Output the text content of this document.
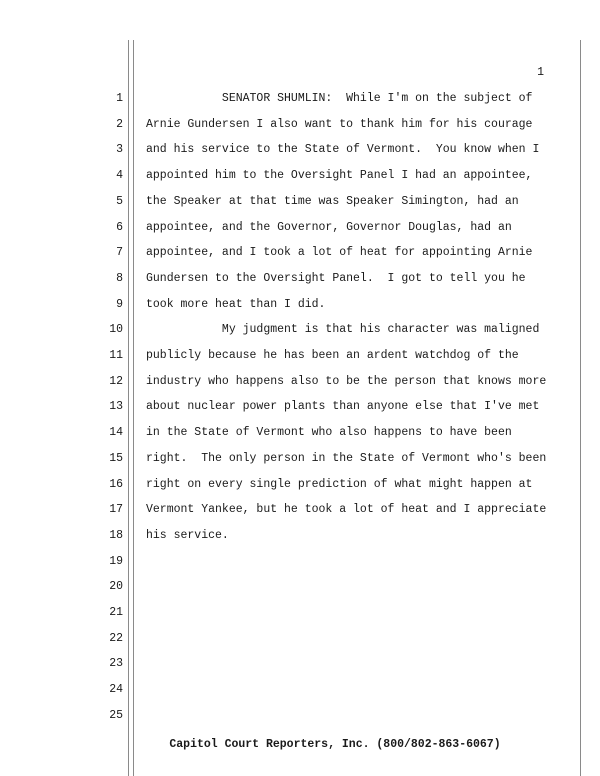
1
1 SENATOR SHUMLIN:  While I'm on the subject of
2 Arnie Gundersen I also want to thank him for his courage
3 and his service to the State of Vermont.  You know when I
4 appointed him to the Oversight Panel I had an appointee,
5 the Speaker at that time was Speaker Simington, had an
6 appointee, and the Governor, Governor Douglas, had an
7 appointee, and I took a lot of heat for appointing Arnie
8 Gundersen to the Oversight Panel.  I got to tell you he
9 took more heat than I did.
10 My judgment is that his character was maligned
11 publicly because he has been an ardent watchdog of the
12 industry who happens also to be the person that knows more
13 about nuclear power plants than anyone else that I've met
14 in the State of Vermont who also happens to have been
15 right.  The only person in the State of Vermont who's been
16 right on every single prediction of what might happen at
17 Vermont Yankee, but he took a lot of heat and I appreciate
18 his service.
19
20
21
22
23
24
25
Capitol Court Reporters, Inc. (800/802-863-6067)
